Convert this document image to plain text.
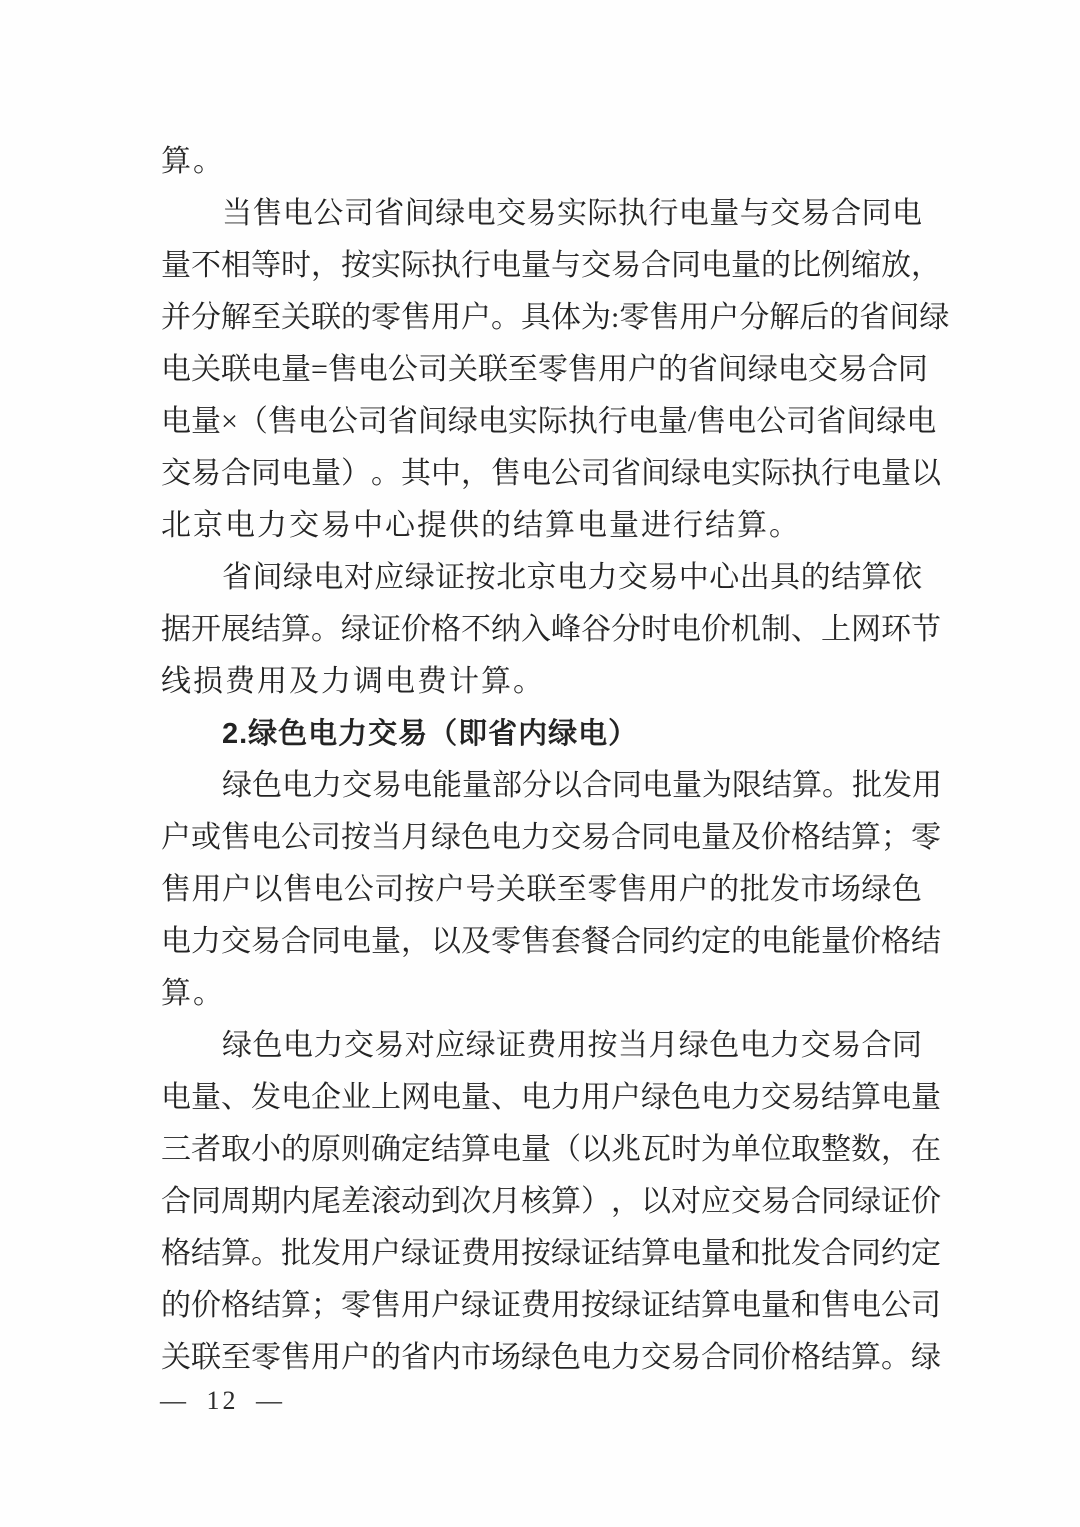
算。
当 售 电 公 司 省 间 绿 电 交 易 实 际 执 行 电 量 与 交 易 合 同 电
量 不 相 等 时 ， 按 实 际 执 行 电 量 与 交 易 合 同 电 量 的 比 例 缩 放 ，
并 分 解 至 关 联 的 零 售 用 户 。 具 体 为 : 零 售 用 户 分 解 后 的 省 间 绿
电 关 联 电 量 = 售 电 公 司 关 联 至 零 售 用 户 的 省 间 绿 电 交 易 合 同
电 量 × （ 售 电 公 司 省 间 绿 电 实 际 执 行 电 量 / 售 电 公 司 省 间 绿 电
交 易 合 同 电 量 ） 。 其 中 ， 售 电 公 司 省 间 绿 电 实 际 执 行 电 量 以
北京电力交易中心提供的结算电量进行结算。
省 间 绿 电 对 应 绿 证 按 北 京 电 力 交 易 中 心 出 具 的 结 算 依
据 开 展 结 算 。 绿 证 价 格 不 纳 入 峰 谷 分 时 电 价 机 制 、 上 网 环 节
线损费用及力调电费计算。
2.绿色电力交易（即省内绿电）
绿 色 电 力 交 易 电 能 量 部 分 以 合 同 电 量 为 限 结 算 。 批 发 用
户 或 售 电 公 司 按 当 月 绿 色 电 力 交 易 合 同 电 量 及 价 格 结 算 ； 零
售 用 户 以 售 电 公 司 按 户 号 关 联 至 零 售 用 户 的 批 发 市 场 绿 色
电 力 交 易 合 同 电 量 ， 以 及 零 售 套 餐 合 同 约 定 的 电 能 量 价 格 结
算。
绿 色 电 力 交 易 对 应 绿 证 费 用 按 当 月 绿 色 电 力 交 易 合 同
电 量 、 发 电 企 业 上 网 电 量 、 电 力 用 户 绿 色 电 力 交 易 结 算 电 量
三 者 取 小 的 原 则 确 定 结 算 电 量 （ 以 兆 瓦 时 为 单 位 取 整 数 ， 在
合 同 周 期 内 尾 差 滚 动 到 次 月 核 算 ） ， 以 对 应 交 易 合 同 绿 证 价
格 结 算 。 批 发 用 户 绿 证 费 用 按 绿 证 结 算 电 量 和 批 发 合 同 约 定
的 价 格 结 算 ； 零 售 用 户 绿 证 费 用 按 绿 证 结 算 电 量 和 售 电 公 司
关 联 至 零 售 用 户 的 省 内 市 场 绿 色 电 力 交 易 合 同 价 格 结 算 。 绿
— 12 —
